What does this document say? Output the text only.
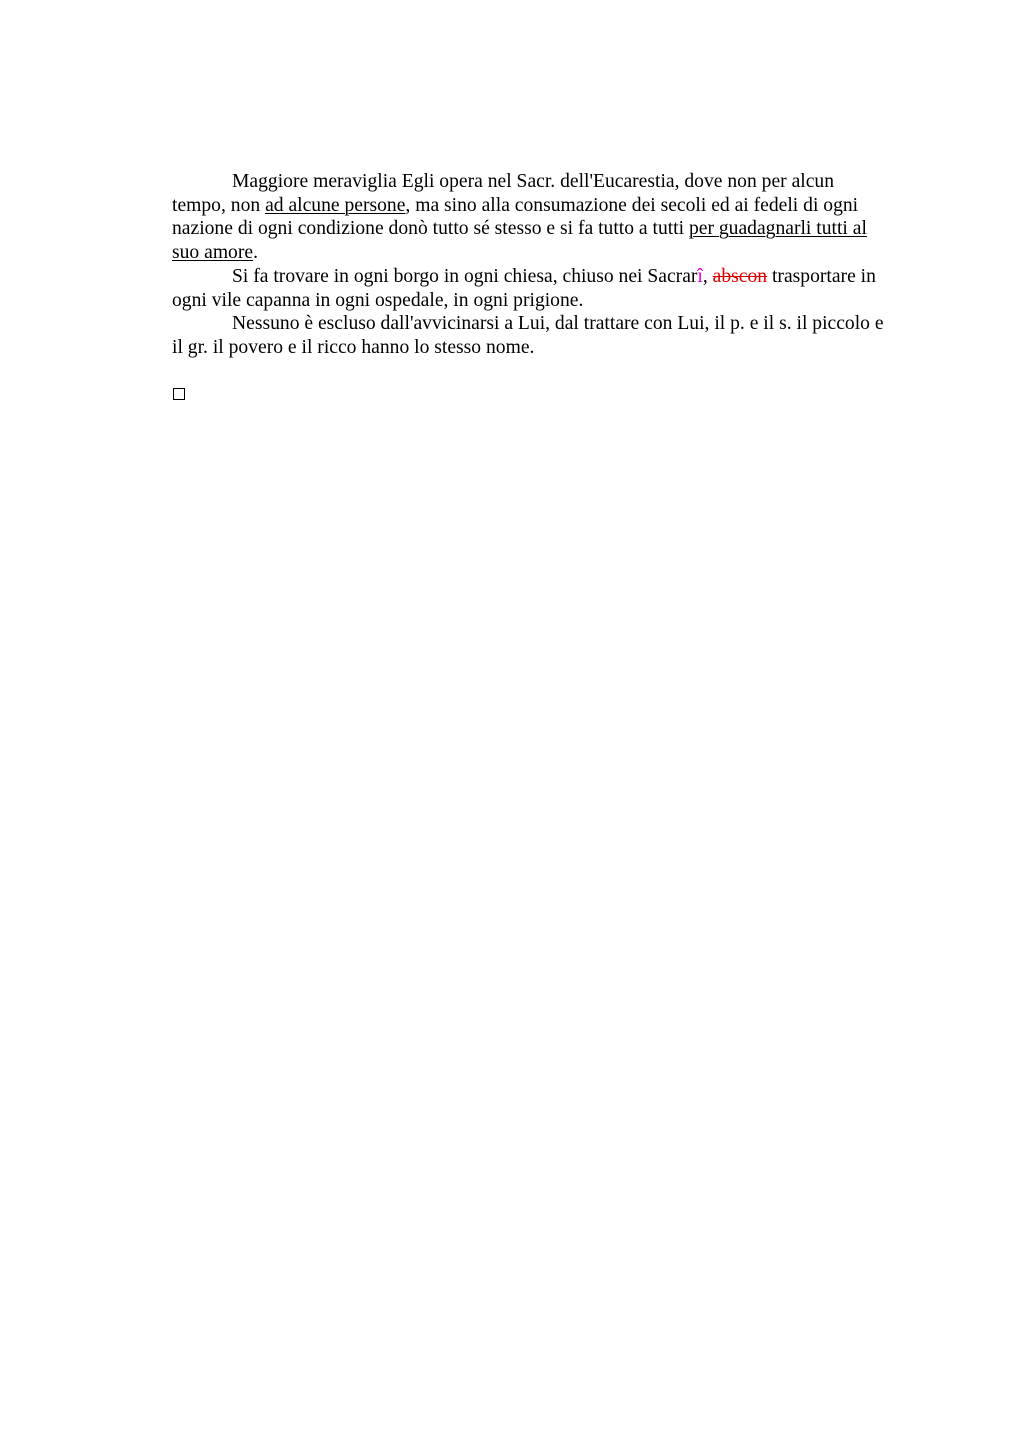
Maggiore meraviglia Egli opera nel Sacr. dell'Eucarestia, dove non per alcun
tempo, non ad alcune persone, ma sino alla consumazione dei secoli ed ai fedeli di ogni
nazione di ogni condizione donò tutto sé stesso e si fa tutto a tutti per guadagnarli tutti al
suo amore.

Si fa trovare in ogni borgo in ogni chiesa, chiuso nei Sacrarî, abscon trasportare in
ogni vile capanna in ogni ospedale, in ogni prigione.

Nessuno è escluso dall'avvicinarsi a Lui, dal trattare con Lui, il p. e il s. il piccolo e
il gr. il povero e il ricco hanno lo stesso nome.
